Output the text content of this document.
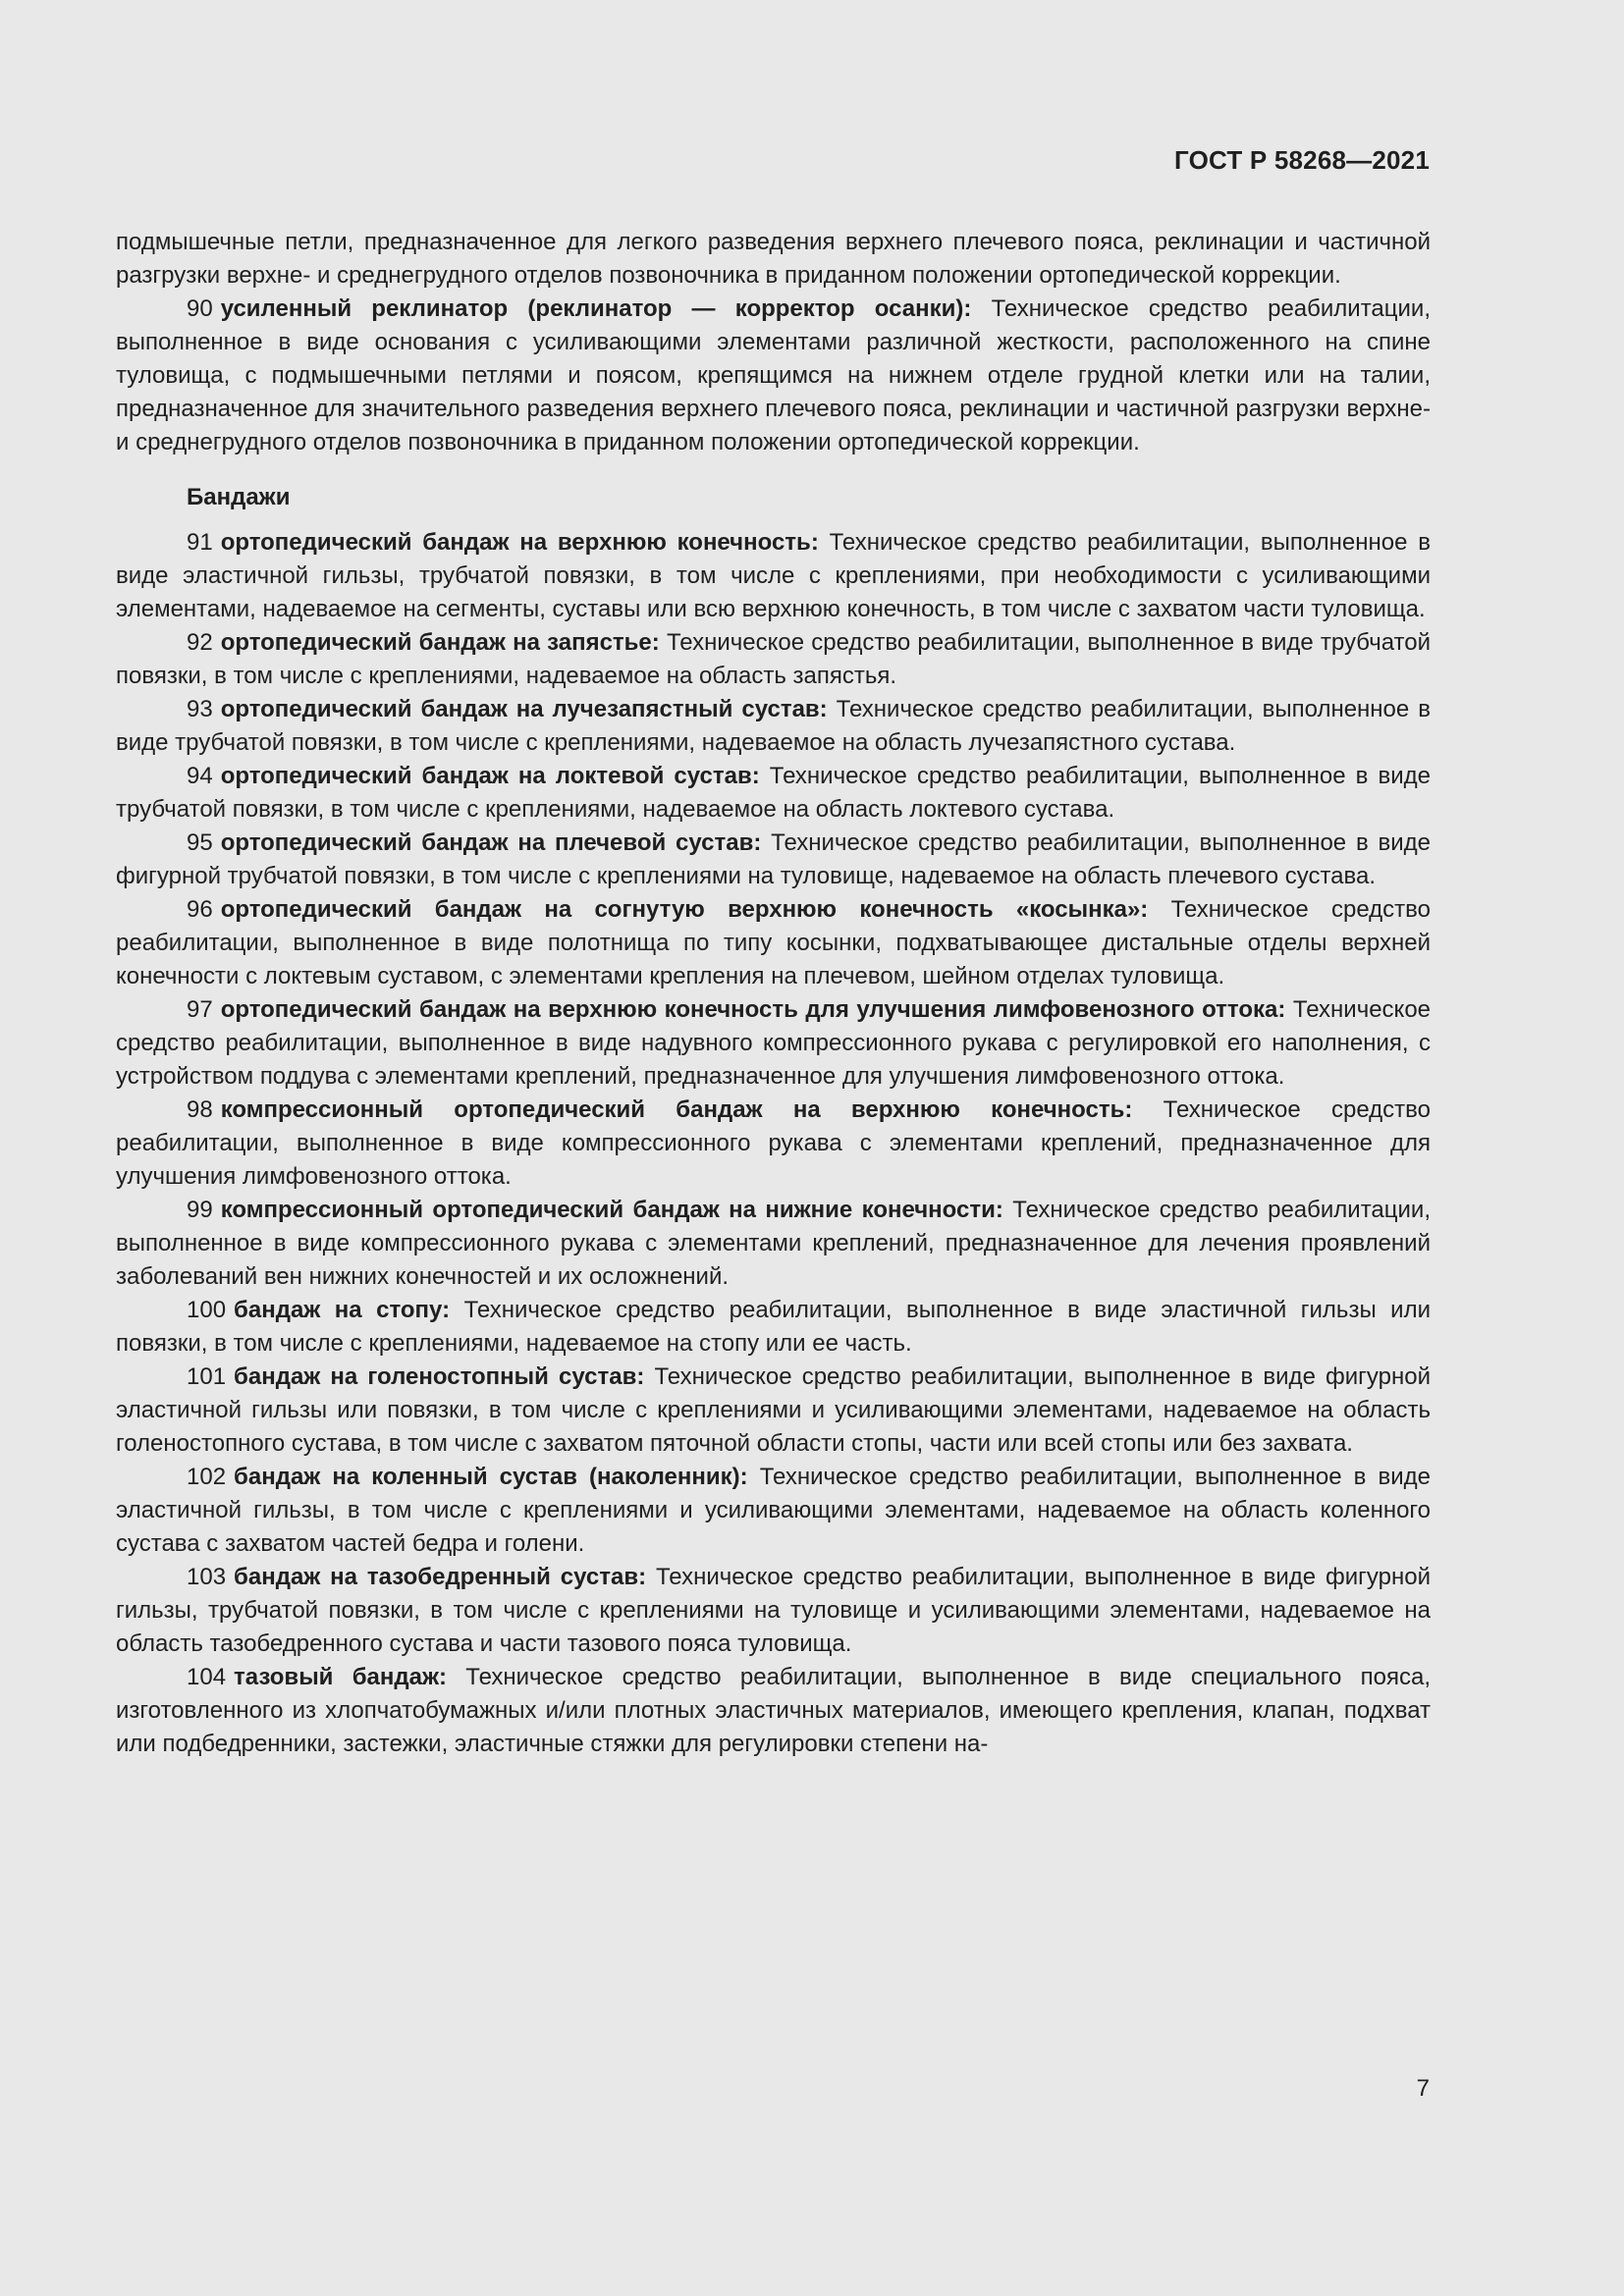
ГОСТ Р 58268—2021

подмышечные петли, предназначенное для легкого разведения верхнего плечевого пояса, реклинации и частичной разгрузки верхне- и среднегрудного отделов позвоночника в приданном положении ортопедической коррекции.

90 усиленный реклинатор (реклинатор — корректор осанки): Техническое средство реабилитации, выполненное в виде основания с усиливающими элементами различной жесткости, расположенного на спине туловища, с подмышечными петлями и поясом, крепящимся на нижнем отделе грудной клетки или на талии, предназначенное для значительного разведения верхнего плечевого пояса, реклинации и частичной разгрузки верхне- и среднегрудного отделов позвоночника в приданном положении ортопедической коррекции.

Бандажи

91 ортопедический бандаж на верхнюю конечность: Техническое средство реабилитации, выполненное в виде эластичной гильзы, трубчатой повязки, в том числе с креплениями, при необходимости с усиливающими элементами, надеваемое на сегменты, суставы или всю верхнюю конечность, в том числе с захватом части туловища.

92 ортопедический бандаж на запястье: Техническое средство реабилитации, выполненное в виде трубчатой повязки, в том числе с креплениями, надеваемое на область запястья.

93 ортопедический бандаж на лучезапястный сустав: Техническое средство реабилитации, выполненное в виде трубчатой повязки, в том числе с креплениями, надеваемое на область лучезапястного сустава.

94 ортопедический бандаж на локтевой сустав: Техническое средство реабилитации, выполненное в виде трубчатой повязки, в том числе с креплениями, надеваемое на область локтевого сустава.

95 ортопедический бандаж на плечевой сустав: Техническое средство реабилитации, выполненное в виде фигурной трубчатой повязки, в том числе с креплениями на туловище, надеваемое на область плечевого сустава.

96 ортопедический бандаж на согнутую верхнюю конечность «косынка»: Техническое средство реабилитации, выполненное в виде полотнища по типу косынки, подхватывающее дистальные отделы верхней конечности с локтевым суставом, с элементами крепления на плечевом, шейном отделах туловища.

97 ортопедический бандаж на верхнюю конечность для улучшения лимфовенозного оттока: Техническое средство реабилитации, выполненное в виде надувного компрессионного рукава с регулировкой его наполнения, с устройством поддува с элементами креплений, предназначенное для улучшения лимфовенозного оттока.

98 компрессионный ортопедический бандаж на верхнюю конечность: Техническое средство реабилитации, выполненное в виде компрессионного рукава с элементами креплений, предназначенное для улучшения лимфовенозного оттока.

99 компрессионный ортопедический бандаж на нижние конечности: Техническое средство реабилитации, выполненное в виде компрессионного рукава с элементами креплений, предназначенное для лечения проявлений заболеваний вен нижних конечностей и их осложнений.

100 бандаж на стопу: Техническое средство реабилитации, выполненное в виде эластичной гильзы или повязки, в том числе с креплениями, надеваемое на стопу или ее часть.

101 бандаж на голеностопный сустав: Техническое средство реабилитации, выполненное в виде фигурной эластичной гильзы или повязки, в том числе с креплениями и усиливающими элементами, надеваемое на область голеностопного сустава, в том числе с захватом пяточной области стопы, части или всей стопы или без захвата.

102 бандаж на коленный сустав (наколенник): Техническое средство реабилитации, выполненное в виде эластичной гильзы, в том числе с креплениями и усиливающими элементами, надеваемое на область коленного сустава с захватом частей бедра и голени.

103 бандаж на тазобедренный сустав: Техническое средство реабилитации, выполненное в виде фигурной гильзы, трубчатой повязки, в том числе с креплениями на туловище и усиливающими элементами, надеваемое на область тазобедренного сустава и части тазового пояса туловища.

104 тазовый бандаж: Техническое средство реабилитации, выполненное в виде специального пояса, изготовленного из хлопчатобумажных и/или плотных эластичных материалов, имеющего крепления, клапан, подхват или подбедренники, застежки, эластичные стяжки для регулировки степени на-

7
